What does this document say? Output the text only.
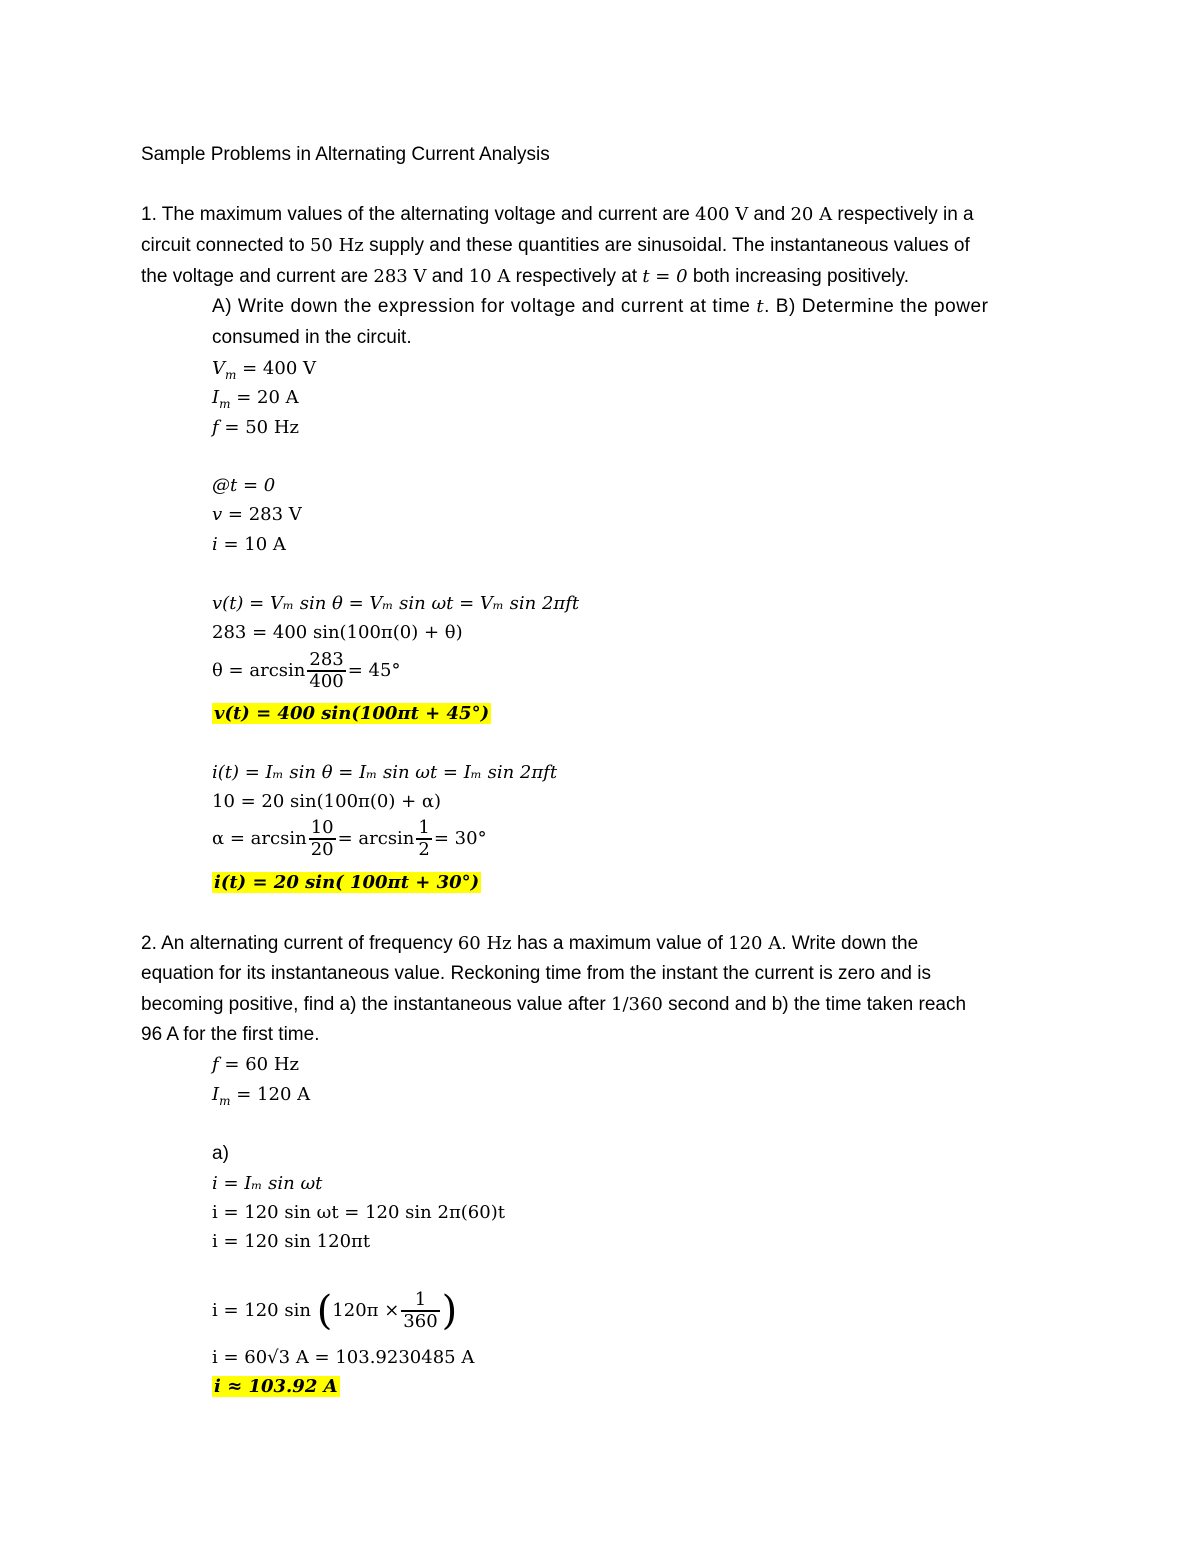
Sample Problems in Alternating Current Analysis
1. The maximum values of the alternating voltage and current are 400 V and 20 A respectively in a
circuit connected to 50 Hz supply and these quantities are sinusoidal. The instantaneous values of
the voltage and current are 283 V and 10 A respectively at t = 0 both increasing positively.
A) Write down the expression for voltage and current at time t. B) Determine the power
consumed in the circuit.
$V_m = 400$ V
$I_m = 20$ A
f = 50 Hz
@t = 0
v = 283 V
i = 10 A
v(t) = Vₘ sin θ = Vₘ sin ωt = Vₘ sin 2πft
283 = 400 sin(100π(0) + θ)
$\theta = \arcsin \frac{283}{400} = 45^\circ$
v(t) = 400 sin(100πt + 45°)
i(t) = Iₘ sin θ = Iₘ sin ωt = Iₘ sin 2πft
10 = 20 sin(100π(0) + α)
$\alpha = \arcsin \frac{10}{20} = \arcsin \frac{1}{2} = 30^\circ$
i(t) = 20 sin( 100πt + 30°)
2. An alternating current of frequency 60 Hz has a maximum value of 120 A. Write down the
equation for its instantaneous value. Reckoning time from the instant the current is zero and is
becoming positive, find a) the instantaneous value after 1/360 second and b) the time taken reach
96 A for the first time.
f = 60 Hz
$I_m = 120$ A
a)
i = Iₘ sin ωt
i = 120 sin ωt = 120 sin 2π(60)t
i = 120 sin 120πt
i = 120 $\sin (120\pi \times \frac{1}{360}$ )
i = 60√3 A = 103.9230485 A
i ≈ 103.92 A
